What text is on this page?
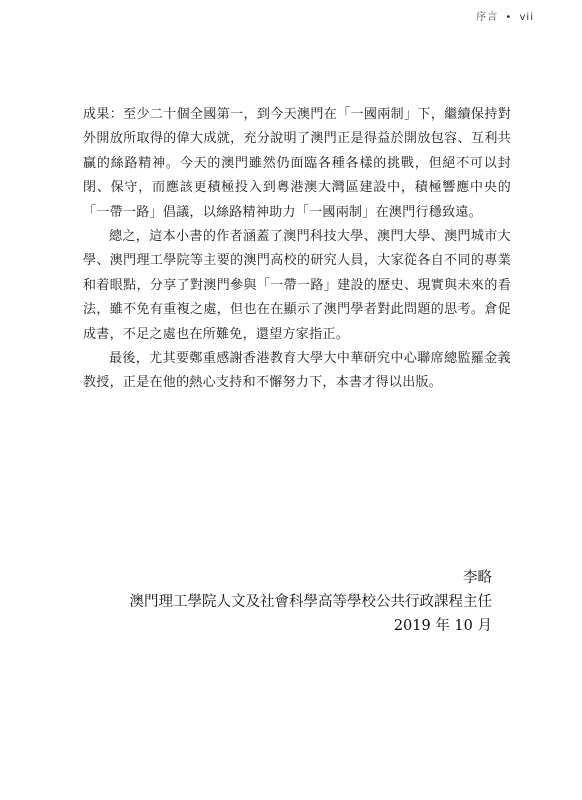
序言 • vii

成果：至少二十個全國第一，到今天澳門在「一國兩制」下，繼續保持對外開放所取得的偉大成就，充分說明了澳門正是得益於開放包容、互利共贏的絲路精神。今天的澳門雖然仍面臨各種各樣的挑戰，但絕不可以封閉、保守，而應該更積極投入到粵港澳大灣區建設中，積極響應中央的「一帶一路」倡議，以絲路精神助力「一國兩制」在澳門行穩致遠。

總之，這本小書的作者涵蓋了澳門科技大學、澳門大學、澳門城市大學、澳門理工學院等主要的澳門高校的研究人員，大家從各自不同的專業和着眼點，分享了對澳門參與「一帶一路」建設的歷史、現實與未來的看法，雖不免有重複之處，但也在在顯示了澳門學者對此問題的思考。倉促成書，不足之處也在所難免，還望方家指正。

最後，尤其要鄭重感謝香港教育大學大中華研究中心聯席總監羅金義教授，正是在他的熱心支持和不懈努力下，本書才得以出版。

李略
澳門理工學院人文及社會科學高等學校公共行政課程主任
2019 年 10 月
